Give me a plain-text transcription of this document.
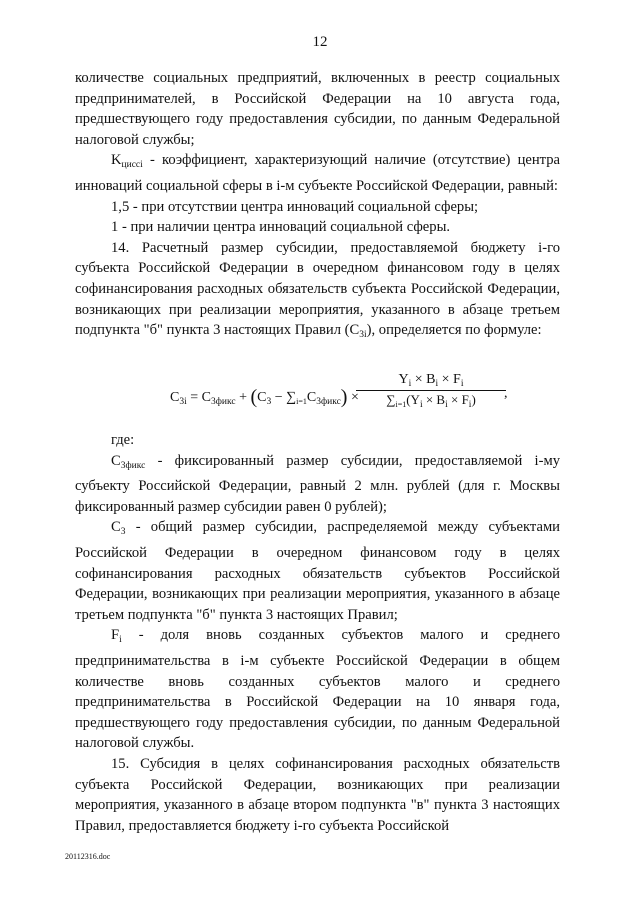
12

количестве социальных предприятий, включенных в реестр социальных предпринимателей, в Российской Федерации на 10 августа года, предшествующего году предоставления субсидии, по данным Федеральной налоговой службы;

$K_{циссi}$ - коэффициент, характеризующий наличие (отсутствие) центра инноваций социальной сферы в i-м субъекте Российской Федерации, равный:

1,5 - при отсутствии центра инноваций социальной сферы;

1 - при наличии центра инноваций социальной сферы.

14. Расчетный размер субсидии, предоставляемой бюджету i-го субъекта Российской Федерации в очередном финансовом году в целях софинансирования расходных обязательств субъекта Российской Федерации, возникающих при реализации мероприятия, указанного в абзаце третьем подпункта "б" пункта 3 настоящих Правил $(С_{3i})$, определяется по формуле:

$C_{3i} = C_{3фикс} + (C_3 - \sum_{i=1}C_{3фикс})$ ×
$\frac{Y_i \times B_i \times F_i}{\sum_{i=1}(Y_i \times B_i \times F_i)}$
,

где:

$С_{3фикс}$ - фиксированный размер субсидии, предоставляемой i-му субъекту Российской Федерации, равный 2 млн. рублей (для г. Москвы фиксированный размер субсидии равен 0 рублей);

$С_3$ - общий размер субсидии, распределяемой между субъектами Российской Федерации в очередном финансовом году в целях софинансирования расходных обязательств субъектов Российской Федерации, возникающих при реализации мероприятия, указанного в абзаце третьем подпункта "б" пункта 3 настоящих Правил;

$F_i$ - доля вновь созданных субъектов малого и среднего предпринимательства в i-м субъекте Российской Федерации в общем количестве вновь созданных субъектов малого и среднего предпринимательства в Российской Федерации на 10 января года, предшествующего году предоставления субсидии, по данным Федеральной налоговой службы.

15. Субсидия в целях софинансирования расходных обязательств субъекта Российской Федерации, возникающих при реализации мероприятия, указанного в абзаце втором подпункта "в" пункта 3 настоящих Правил, предоставляется бюджету i-го субъекта Российской

20112316.doc
